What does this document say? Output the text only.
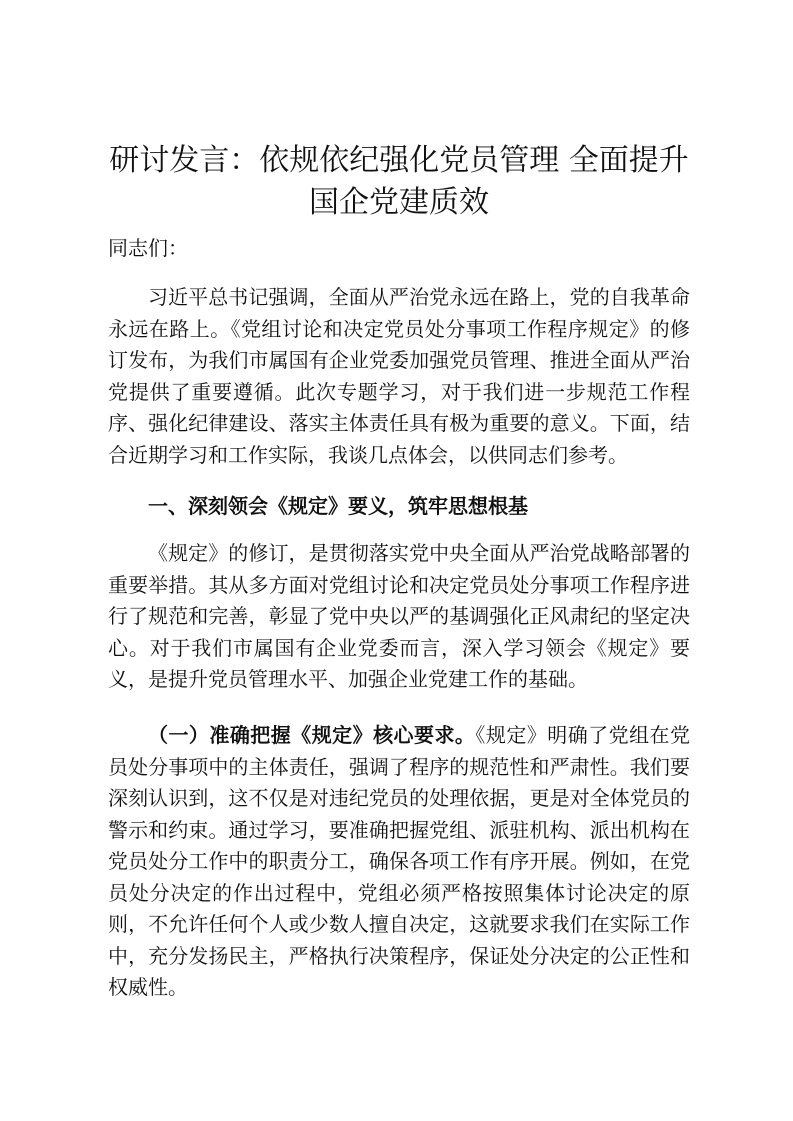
研讨发言：依规依纪强化党员管理 全面提升
国企党建质效

同志们：

习近平总书记强调，全面从严治党永远在路上，党的自我革命永远在路上。《党组讨论和决定党员处分事项工作程序规定》的修订发布，为我们市属国有企业党委加强党员管理、推进全面从严治党提供了重要遵循。此次专题学习，对于我们进一步规范工作程序、强化纪律建设、落实主体责任具有极为重要的意义。下面，结合近期学习和工作实际，我谈几点体会，以供同志们参考。

一、深刻领会《规定》要义，筑牢思想根基

《规定》的修订，是贯彻落实党中央全面从严治党战略部署的重要举措。其从多方面对党组讨论和决定党员处分事项工作程序进行了规范和完善，彰显了党中央以严的基调强化正风肃纪的坚定决心。对于我们市属国有企业党委而言，深入学习领会《规定》要义，是提升党员管理水平、加强企业党建工作的基础。

（一）准确把握《规定》核心要求。《规定》明确了党组在党员处分事项中的主体责任，强调了程序的规范性和严肃性。我们要深刻认识到，这不仅是对违纪党员的处理依据，更是对全体党员的警示和约束。通过学习，要准确把握党组、派驻机构、派出机构在党员处分工作中的职责分工，确保各项工作有序开展。例如，在党员处分决定的作出过程中，党组必须严格按照集体讨论决定的原则，不允许任何个人或少数人擅自决定，这就要求我们在实际工作中，充分发扬民主，严格执行决策程序，保证处分决定的公正性和权威性。
